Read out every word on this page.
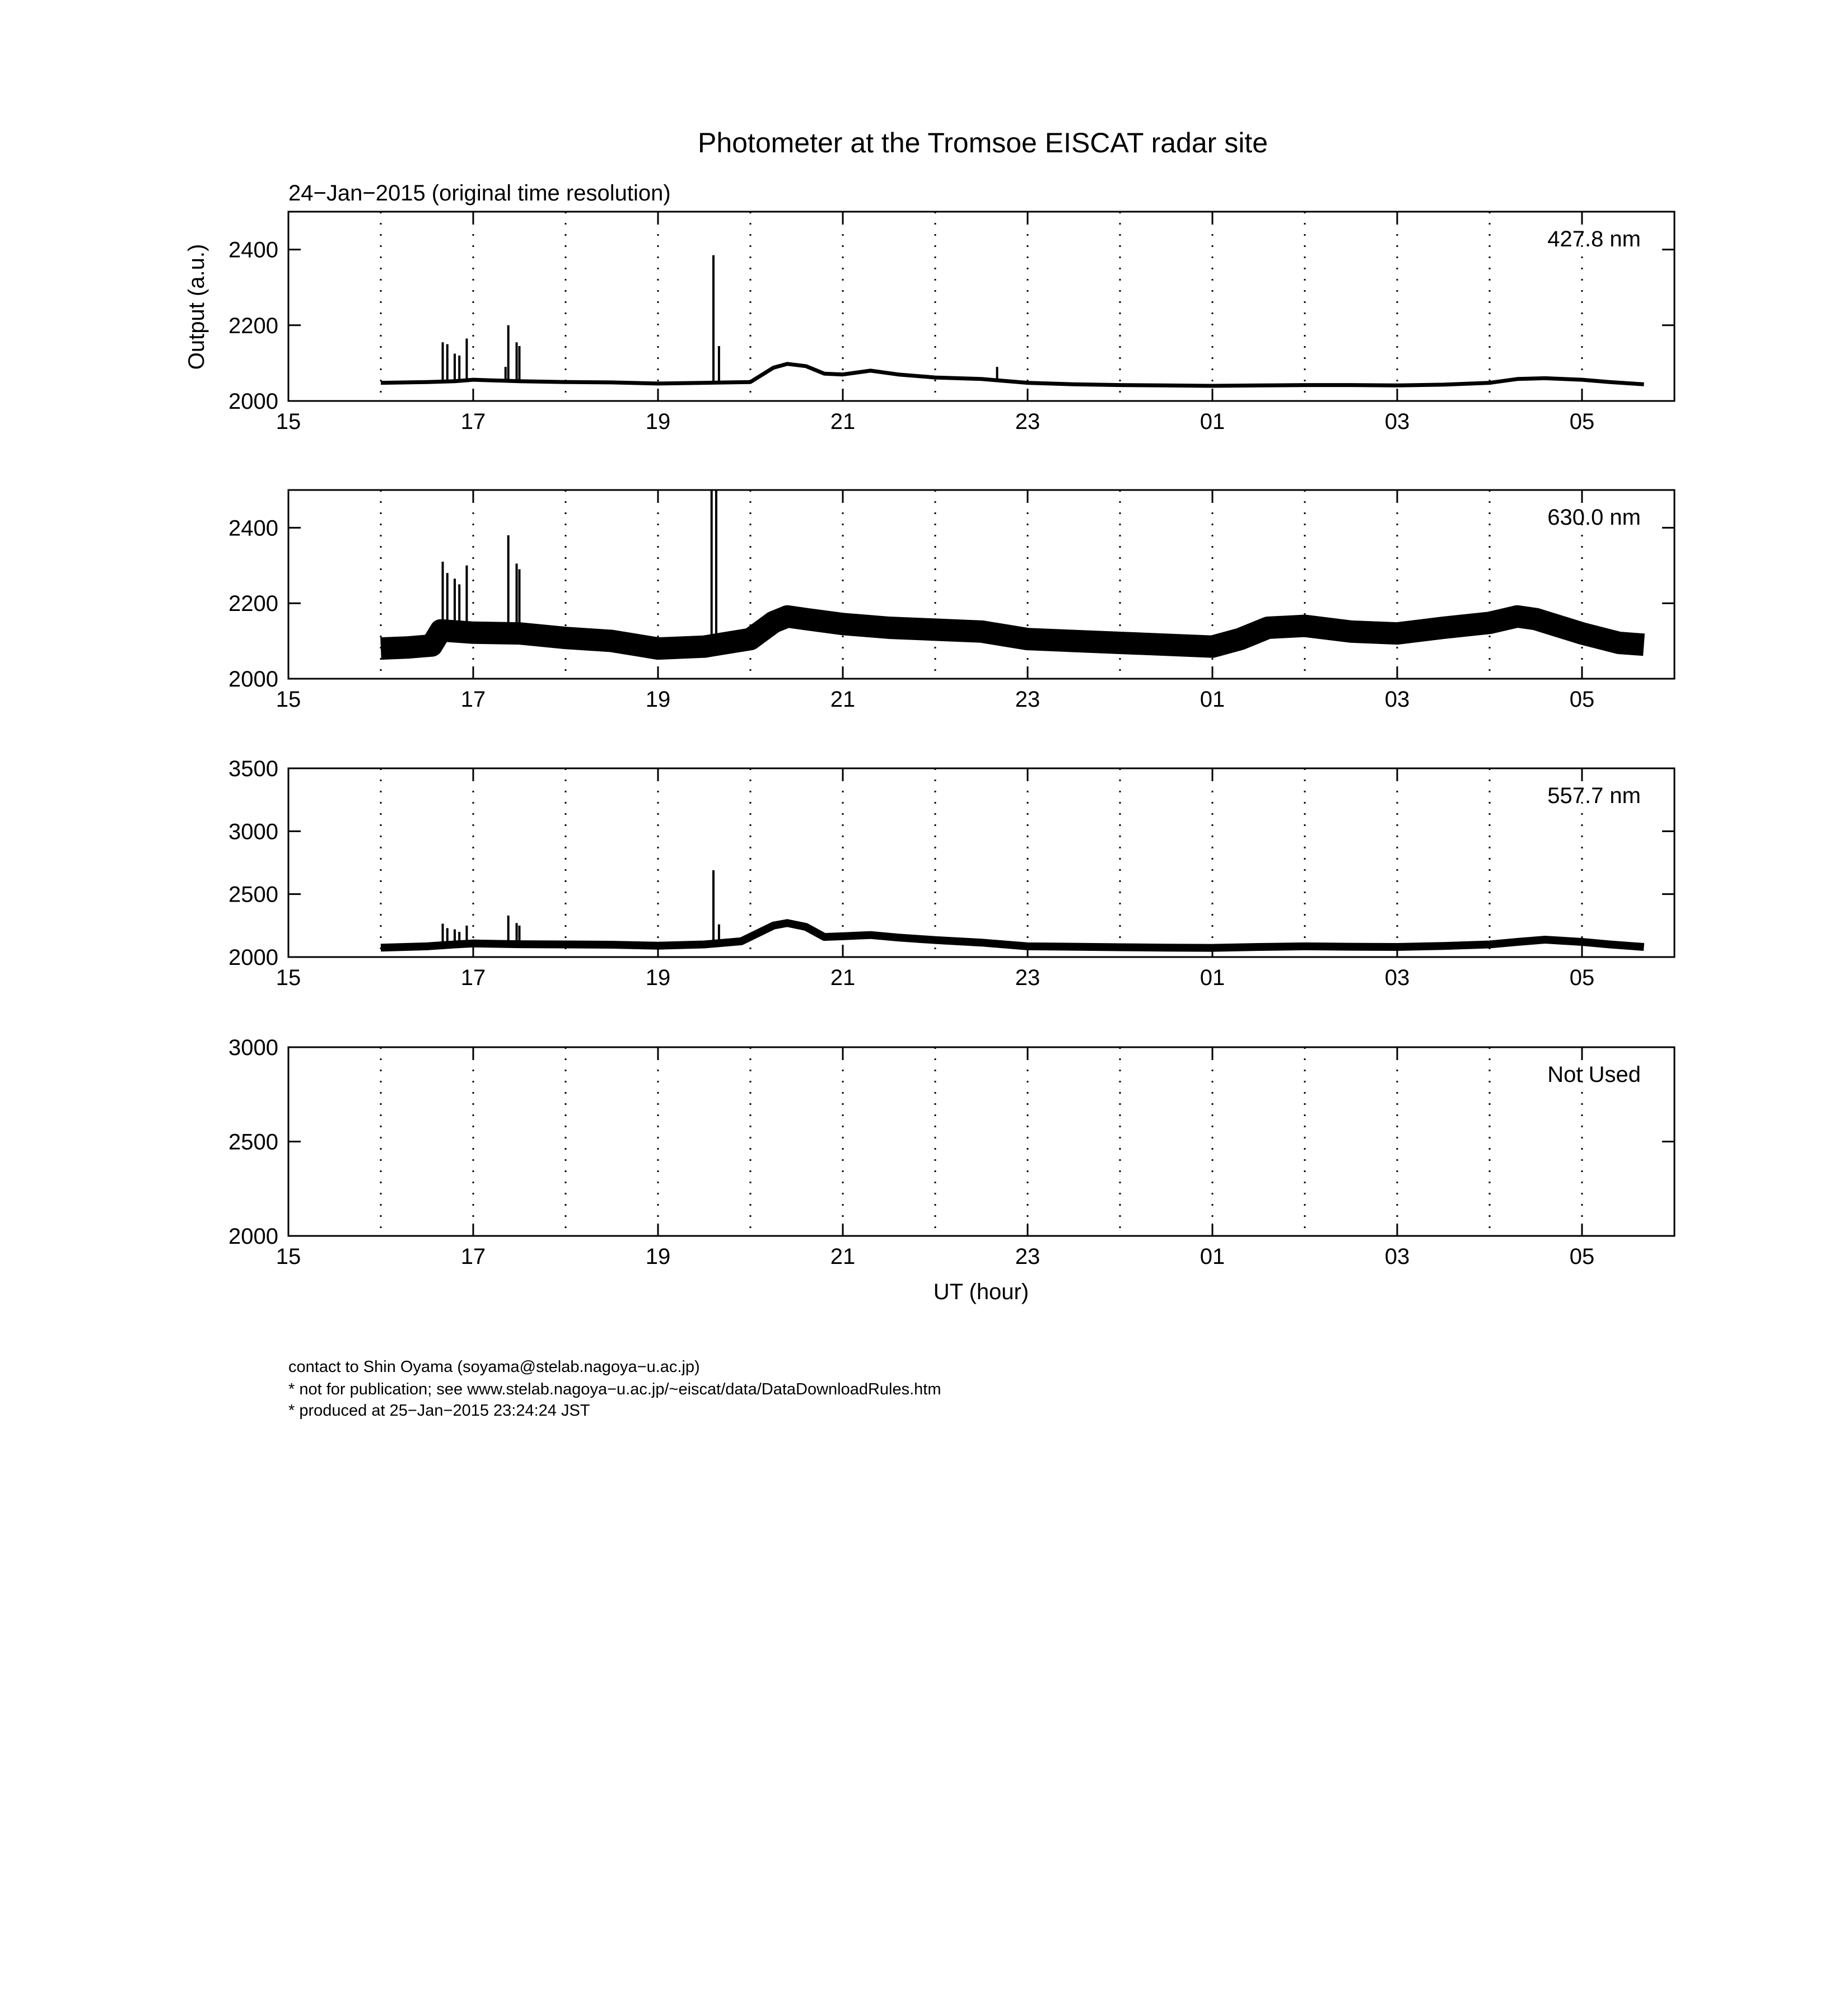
Photometer at the Tromsoe EISCAT radar site
24−Jan−2015 (original time resolution)
Output (a.u.)
UT (hour)
contact to Shin Oyama (soyama@stelab.nagoya−u.ac.jp)
* not for publication; see www.stelab.nagoya−u.ac.jp/~eiscat/data/DataDownloadRules.htm
* produced at 25−Jan−2015 23:24:24 JST
15	17	19	21	23	01	03	05
2000
2200
2400	427.8 nm
15	17	19	21	23	01	03	05
2000
2200
2400	630.0 nm
15	17	19	21	23	01	03	05
2000
2500
3000
3500
557.7 nm
15	17	19	21	23	01	03	05
2000
2500
3000
Not Used
